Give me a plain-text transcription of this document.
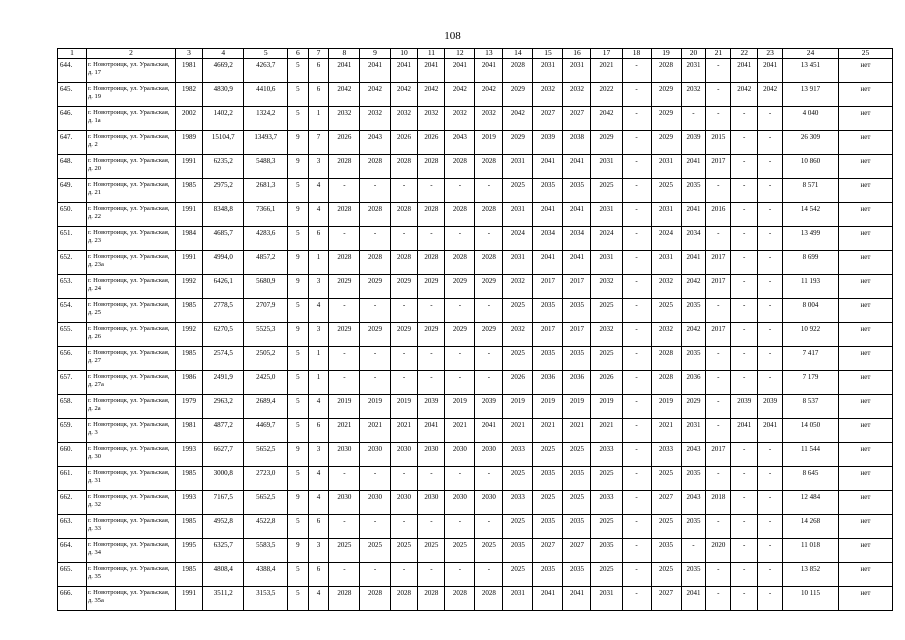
108
1	2	3	4	5	6	7	8	9	10	11	12	13	14	15	16	17	18	19	20	21	22	23	24	25
644.	г. Новотроицк, ул. Уральская, д. 17	1981	4669,2	4263,7	5	6	2041	2041	2041	2041	2041	2041	2028	2031	2031	2021	-	2028	2031	-	2041	2041	13 451	нет
645.	г. Новотроицк, ул. Уральская, д. 19	1982	4830,9	4410,6	5	6	2042	2042	2042	2042	2042	2042	2029	2032	2032	2022	-	2029	2032	-	2042	2042	13 917	нет
646.	г. Новотроицк, ул. Уральская, д. 1а	2002	1402,2	1324,2	5	1	2032	2032	2032	2032	2032	2032	2042	2027	2027	2042	-	2029	-	-	-	-	4 040	нет
647.	г. Новотроицк, ул. Уральская, д. 2	1989	15104,7	13493,7	9	7	2026	2043	2026	2026	2043	2019	2029	2039	2038	2029	-	2029	2039	2015	-	-	26 309	нет
648.	г. Новотроицк, ул. Уральская, д. 20	1991	6235,2	5488,3	9	3	2028	2028	2028	2028	2028	2028	2031	2041	2041	2031	-	2031	2041	2017	-	-	10 860	нет
649.	г. Новотроицк, ул. Уральская, д. 21	1985	2975,2	2681,3	5	4	-	-	-	-	-	-	2025	2035	2035	2025	-	2025	2035	-	-	-	8 571	нет
650.	г. Новотроицк, ул. Уральская, д. 22	1991	8348,8	7366,1	9	4	2028	2028	2028	2028	2028	2028	2031	2041	2041	2031	-	2031	2041	2016	-	-	14 542	нет
651.	г. Новотроицк, ул. Уральская, д. 23	1984	4685,7	4283,6	5	6	-	-	-	-	-	-	2024	2034	2034	2024	-	2024	2034	-	-	-	13 499	нет
652.	г. Новотроицк, ул. Уральская, д. 23а	1991	4994,0	4857,2	9	1	2028	2028	2028	2028	2028	2028	2031	2041	2041	2031	-	2031	2041	2017	-	-	8 699	нет
653.	г. Новотроицк, ул. Уральская, д. 24	1992	6426,1	5680,9	9	3	2029	2029	2029	2029	2029	2029	2032	2017	2017	2032	-	2032	2042	2017	-	-	11 193	нет
654.	г. Новотроицк, ул. Уральская, д. 25	1985	2778,5	2707,9	5	4	-	-	-	-	-	-	2025	2035	2035	2025	-	2025	2035	-	-	-	8 004	нет
655.	г. Новотроицк, ул. Уральская, д. 26	1992	6270,5	5525,3	9	3	2029	2029	2029	2029	2029	2029	2032	2017	2017	2032	-	2032	2042	2017	-	-	10 922	нет
656.	г. Новотроицк, ул. Уральская, д. 27	1985	2574,5	2505,2	5	1	-	-	-	-	-	-	2025	2035	2035	2025	-	2028	2035	-	-	-	7 417	нет
657.	г. Новотроицк, ул. Уральская, д. 27а	1986	2491,9	2425,0	5	1	-	-	-	-	-	-	2026	2036	2036	2026	-	2028	2036	-	-	-	7 179	нет
658.	г. Новотроицк, ул. Уральская, д. 2а	1979	2963,2	2689,4	5	4	2019	2019	2019	2039	2019	2039	2019	2019	2019	2019	-	2019	2029	-	2039	2039	8 537	нет
659.	г. Новотроицк, ул. Уральская, д. 3	1981	4877,2	4469,7	5	6	2021	2021	2021	2041	2021	2041	2021	2021	2021	2021	-	2021	2031	-	2041	2041	14 050	нет
660.	г. Новотроицк, ул. Уральская, д. 30	1993	6627,7	5652,5	9	3	2030	2030	2030	2030	2030	2030	2033	2025	2025	2033	-	2033	2043	2017	-	-	11 544	нет
661.	г. Новотроицк, ул. Уральская, д. 31	1985	3000,8	2723,0	5	4	-	-	-	-	-	-	2025	2035	2035	2025	-	2025	2035	-	-	-	8 645	нет
662.	г. Новотроицк, ул. Уральская, д. 32	1993	7167,5	5652,5	9	4	2030	2030	2030	2030	2030	2030	2033	2025	2025	2033	-	2027	2043	2018	-	-	12 484	нет
663.	г. Новотроицк, ул. Уральская, д. 33	1985	4952,8	4522,8	5	6	-	-	-	-	-	-	2025	2035	2035	2025	-	2025	2035	-	-	-	14 268	нет
664.	г. Новотроицк, ул. Уральская, д. 34	1995	6325,7	5583,5	9	3	2025	2025	2025	2025	2025	2025	2035	2027	2027	2035	-	2035	-	2020	-	-	11 018	нет
665.	г. Новотроицк, ул. Уральская, д. 35	1985	4808,4	4388,4	5	6	-	-	-	-	-	-	2025	2035	2035	2025	-	2025	2035	-	-	-	13 852	нет
666.	г. Новотроицк, ул. Уральская, д. 35а	1991	3511,2	3153,5	5	4	2028	2028	2028	2028	2028	2028	2031	2041	2041	2031	-	2027	2041	-	-	-	10 115	нет
